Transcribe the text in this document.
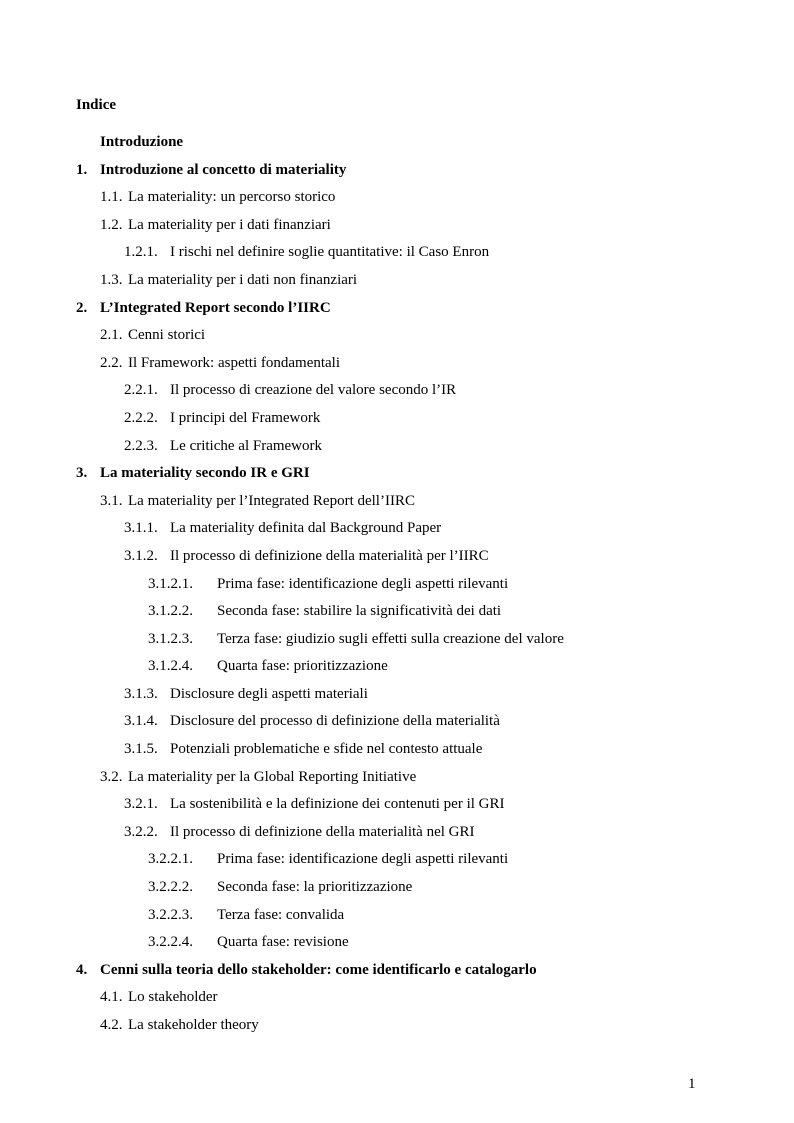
Indice
Introduzione
1. Introduzione al concetto di materiality
1.1. La materiality: un percorso storico
1.2. La materiality per i dati finanziari
1.2.1. I rischi nel definire soglie quantitative: il Caso Enron
1.3. La materiality per i dati non finanziari
2. L’Integrated Report secondo l’IIRC
2.1. Cenni storici
2.2. Il Framework: aspetti fondamentali
2.2.1. Il processo di creazione del valore secondo l’IR
2.2.2. I principi del Framework
2.2.3. Le critiche al Framework
3. La materiality secondo IR e GRI
3.1. La materiality per l’Integrated Report dell’IIRC
3.1.1. La materiality definita dal Background Paper
3.1.2. Il processo di definizione della materialità per l’IIRC
3.1.2.1. Prima fase: identificazione degli aspetti rilevanti
3.1.2.2. Seconda fase: stabilire la significatività dei dati
3.1.2.3. Terza fase: giudizio sugli effetti sulla creazione del valore
3.1.2.4. Quarta fase: prioritizzazione
3.1.3. Disclosure degli aspetti materiali
3.1.4. Disclosure del processo di definizione della materialità
3.1.5. Potenziali problematiche e sfide nel contesto attuale
3.2. La materiality per la Global Reporting Initiative
3.2.1. La sostenibilità e la definizione dei contenuti per il GRI
3.2.2. Il processo di definizione della materialità nel GRI
3.2.2.1. Prima fase: identificazione degli aspetti rilevanti
3.2.2.2. Seconda fase: la prioritizzazione
3.2.2.3. Terza fase: convalida
3.2.2.4. Quarta fase: revisione
4. Cenni sulla teoria dello stakeholder: come identificarlo e catalogarlo
4.1. Lo stakeholder
4.2. La stakeholder theory
1
